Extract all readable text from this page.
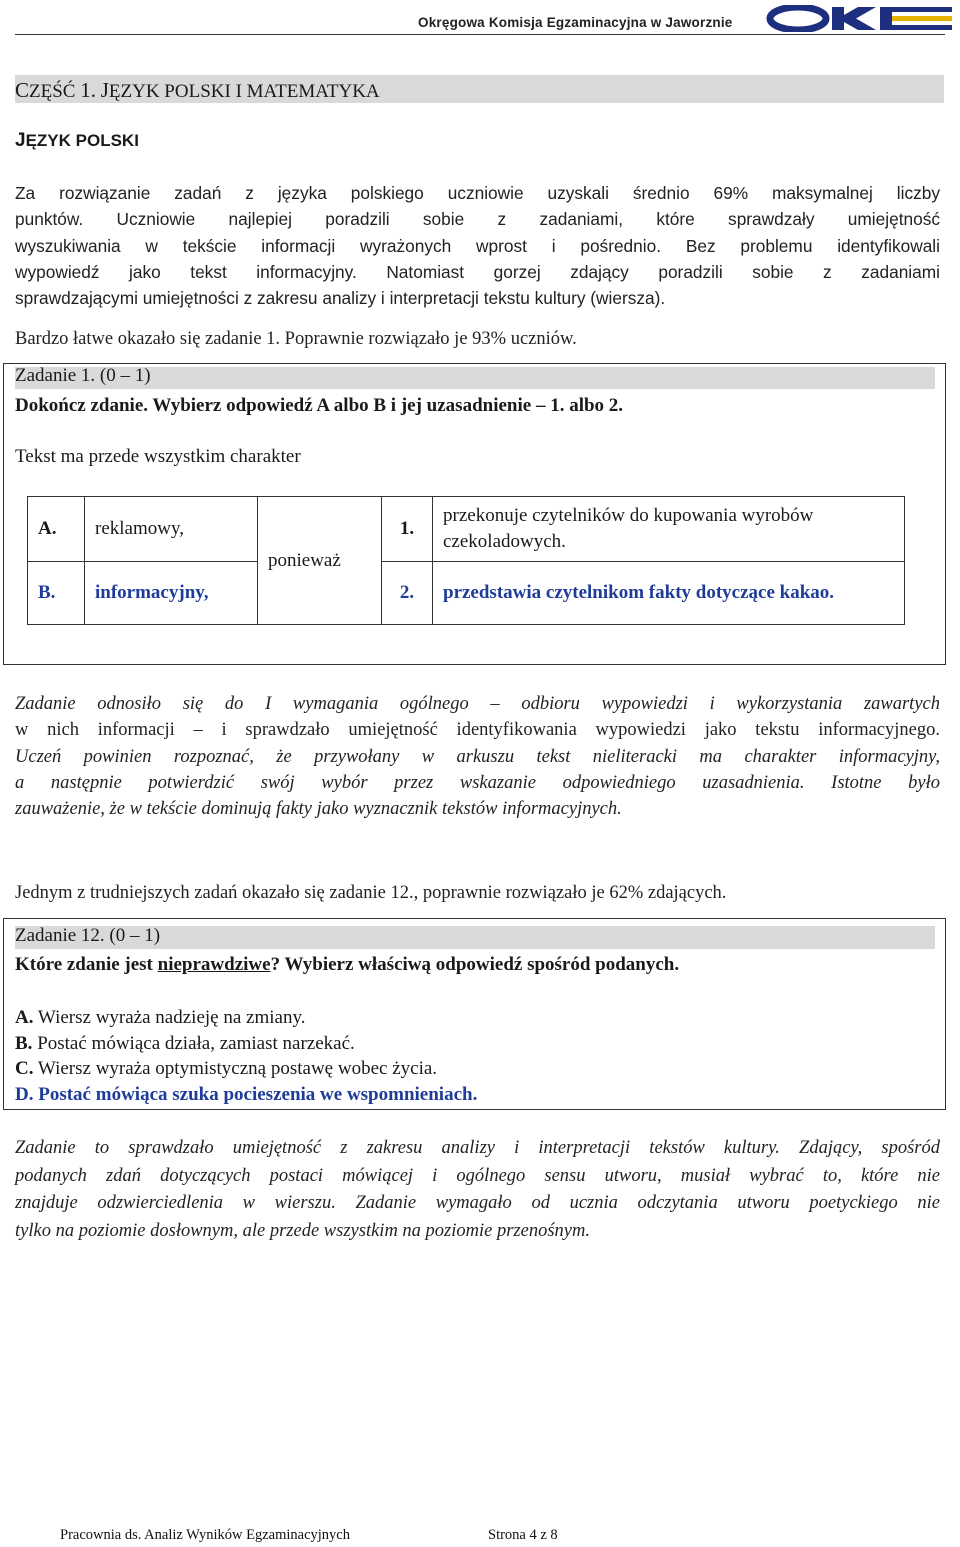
Okręgowa Komisja Egzaminacyjna w Jaworznie
CZĘŚĆ 1. JĘZYK POLSKI I MATEMATYKA
JĘZYK POLSKI
Za rozwiązanie zadań z języka polskiego uczniowie uzyskali średnio 69% maksymalnej liczby
punktów. Uczniowie najlepiej poradzili sobie z zadaniami, które sprawdzały umiejętność
wyszukiwania w tekście informacji wyrażonych wprost i pośrednio. Bez problemu identyfikowali
wypowiedź jako tekst informacyjny. Natomiast gorzej zdający poradzili sobie z zadaniami
sprawdzającymi umiejętności z zakresu analizy i interpretacji tekstu kultury (wiersza).
Bardzo łatwe okazało się zadanie 1. Poprawnie rozwiązało je 93% uczniów.
Zadanie 1. (0 – 1)
Dokończ zdanie. Wybierz odpowiedź A albo B i jej uzasadnienie – 1. albo 2.
Tekst ma przede wszystkim charakter
A.	reklamowy,	ponieważ	1.	przekonuje czytelników do kupowania wyrobów
czekoladowych.

B.	informacyjny,		2.	przedstawia czytelnikom fakty dotyczące kakao.
Zadanie odnosiło się do I wymagania ogólnego – odbioru wypowiedzi i wykorzystania zawartych
w nich informacji – i sprawdzało umiejętność identyfikowania wypowiedzi jako tekstu informacyjnego.
Uczeń powinien rozpoznać, że przywołany w arkuszu tekst nieliteracki ma charakter informacyjny,
a następnie potwierdzić swój wybór przez wskazanie odpowiedniego uzasadnienia. Istotne było
zauważenie, że w tekście dominują fakty jako wyznacznik tekstów informacyjnych.
Jednym z trudniejszych zadań okazało się zadanie 12., poprawnie rozwiązało je 62% zdających.
Zadanie 12. (0 – 1)
Które zdanie jest nieprawdziwe? Wybierz właściwą odpowiedź spośród podanych.
A. Wiersz wyraża nadzieję na zmiany.
B. Postać mówiąca działa, zamiast narzekać.
C. Wiersz wyraża optymistyczną postawę wobec życia.
D. Postać mówiąca szuka pocieszenia we wspomnieniach.
Zadanie to sprawdzało umiejętność z zakresu analizy i interpretacji tekstów kultury. Zdający, spośród
podanych zdań dotyczących postaci mówiącej i ogólnego sensu utworu, musiał wybrać to, które nie
znajduje odzwierciedlenia w wierszu. Zadanie wymagało od ucznia odczytania utworu poetyckiego nie
tylko na poziomie dosłownym, ale przede wszystkim na poziomie przenośnym.
Pracownia ds. Analiz Wyników Egzaminacyjnych	Strona 4 z 8
